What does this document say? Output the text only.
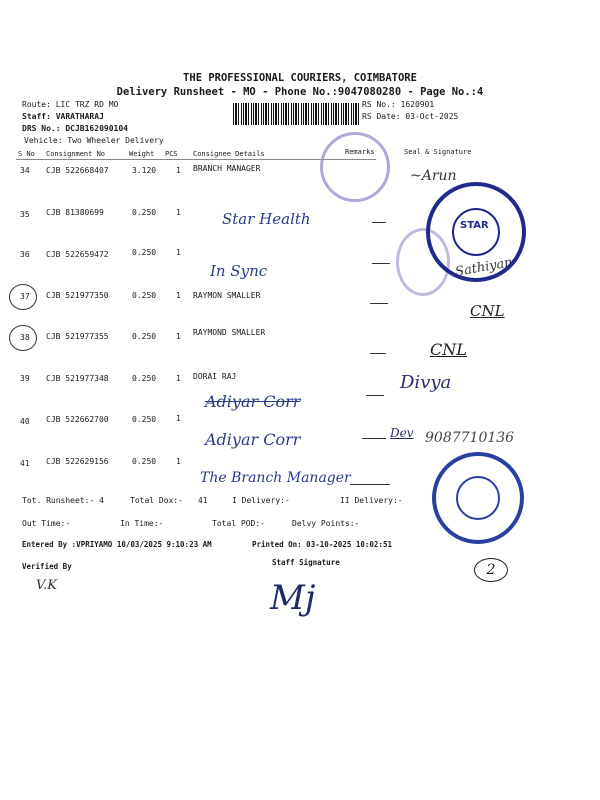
THE PROFESSIONAL COURIERS, COIMBATORE
Delivery Runsheet - MO - Phone No.:9047080280 - Page No.:4
Route: LIC TRZ RD MO
Staff: VARATHARAJ
DRS No.: DCJB162090104
Vehicle: Two Wheeler Delivery
RS No.: 1620901
RS Date: 03-Oct-2025
S No Consignment No	Weight PCS Consignee Details	Remarks	Seal & Signature
34 CJB 522668407	3.120 1 BRANCH MANAGER
35 CJB 81380699	0.250 1
36 CJB 522659472	0.250 1
37 CJB 521977350	0.250 1 RAYMON SMALLER
38 CJB 521977355	0.250 1 RAYMOND SMALLER
39 CJB 521977348	0.250 1 DORAI RAJ
40 CJB 522662700	0.250 1
41 CJB 522629156	0.250 1
Star Health
In Sync
Adiyar Corr
Adiyar Corr
The Branch Manager
~Arun
Sathiyan
CNL
CNL
Divya
Dev 9087710136
STAR
Tot. Runsheet:- 4	Total Dox:- 41	I Delivery:-	II Delivery:-
Out Time:-	In Time:-	Total POD:-	Delvy Points:-
Entered By :VPRIYAMO 10/03/2025 9:10:23 AM	Printed On: 03-10-2025 10:02:51
Verified By	Staff Signature
V.K
2
Mj
